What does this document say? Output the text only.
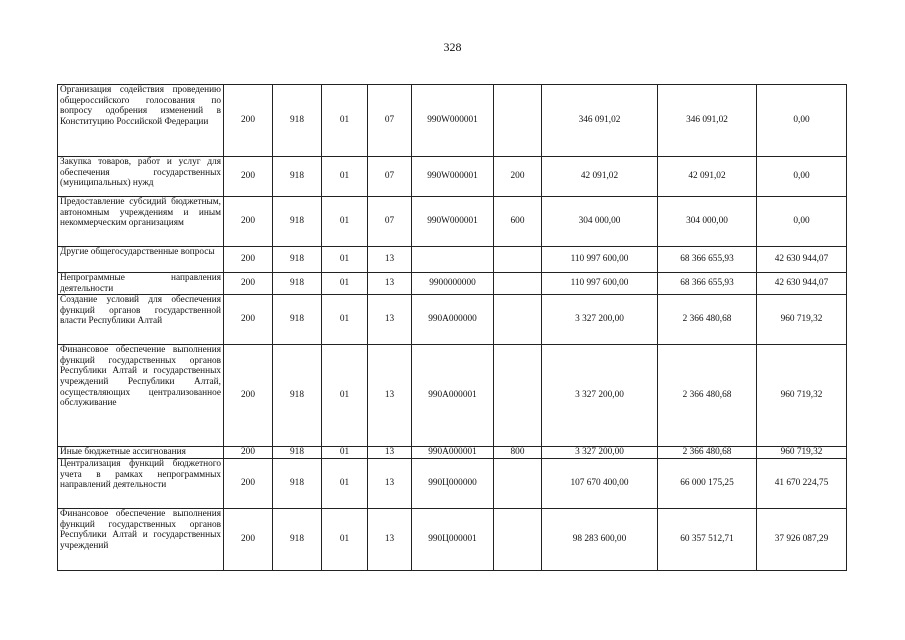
328
Организация содействия проведению общероссийского голосования по вопросу одобрения изменений в Конституцию Российской Федерации	200	918	01	07	990W000001		346 091,02	346 091,02	0,00
Закупка товаров, работ и услуг для обеспечения государственных (муниципальных) нужд	200	918	01	07	990W000001	200	42 091,02	42 091,02	0,00
Предоставление субсидий бюджетным, автономным учреждениям и иным некоммерческим организациям	200	918	01	07	990W000001	600	304 000,00	304 000,00	0,00
Другие общегосударственные вопросы	200	918	01	13			110 997 600,00	68 366 655,93	42 630 944,07
Непрограммные направления деятельности	200	918	01	13	9900000000		110 997 600,00	68 366 655,93	42 630 944,07
Создание условий для обеспечения функций органов государственной власти Республики Алтай	200	918	01	13	990А000000		3 327 200,00	2 366 480,68	960 719,32
Финансовое обеспечение выполнения функций государственных органов Республики Алтай и государственных учреждений Республики Алтай, осуществляющих централизованное обслуживание	200	918	01	13	990А000001		3 327 200,00	2 366 480,68	960 719,32
Иные бюджетные ассигнования	200	918	01	13	990А000001	800	3 327 200,00	2 366 480,68	960 719,32
Централизация функций бюджетного учета в рамках непрограммных направлений деятельности	200	918	01	13	990Ц000000		107 670 400,00	66 000 175,25	41 670 224,75
Финансовое обеспечение выполнения функций государственных органов Республики Алтай и государственных учреждений	200	918	01	13	990Ц000001		98 283 600,00	60 357 512,71	37 926 087,29
